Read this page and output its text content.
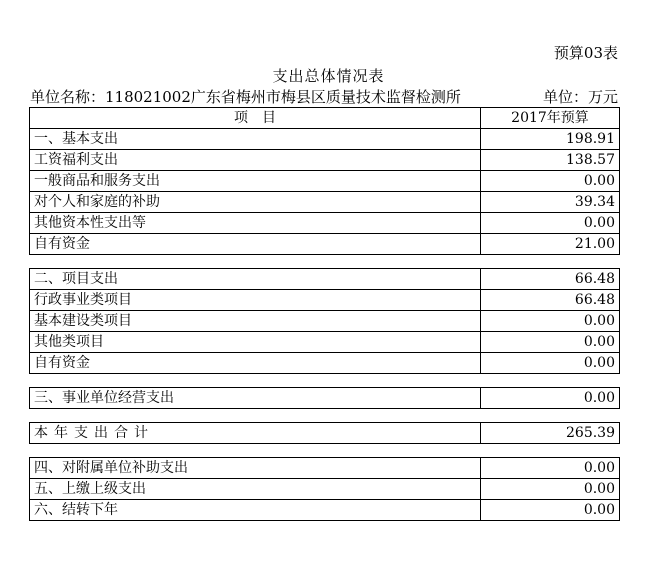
预算03表
支出总体情况表
单位名称：118021002广东省梅州市梅县区质量技术监督检测所	单位：万元
项　目	2017年预算
一、基本支出	198.91
工资福利支出	138.57
一般商品和服务支出	0.00
对个人和家庭的补助	39.34
其他资本性支出等	0.00
自有资金	21.00

二、项目支出	66.48
行政事业类项目	66.48
基本建设类项目	0.00
其他类项目	0.00
自有资金	0.00

三、事业单位经营支出	0.00

本年支出合计	265.39

四、对附属单位补助支出	0.00
五、上缴上级支出	0.00
六、结转下年	0.00
